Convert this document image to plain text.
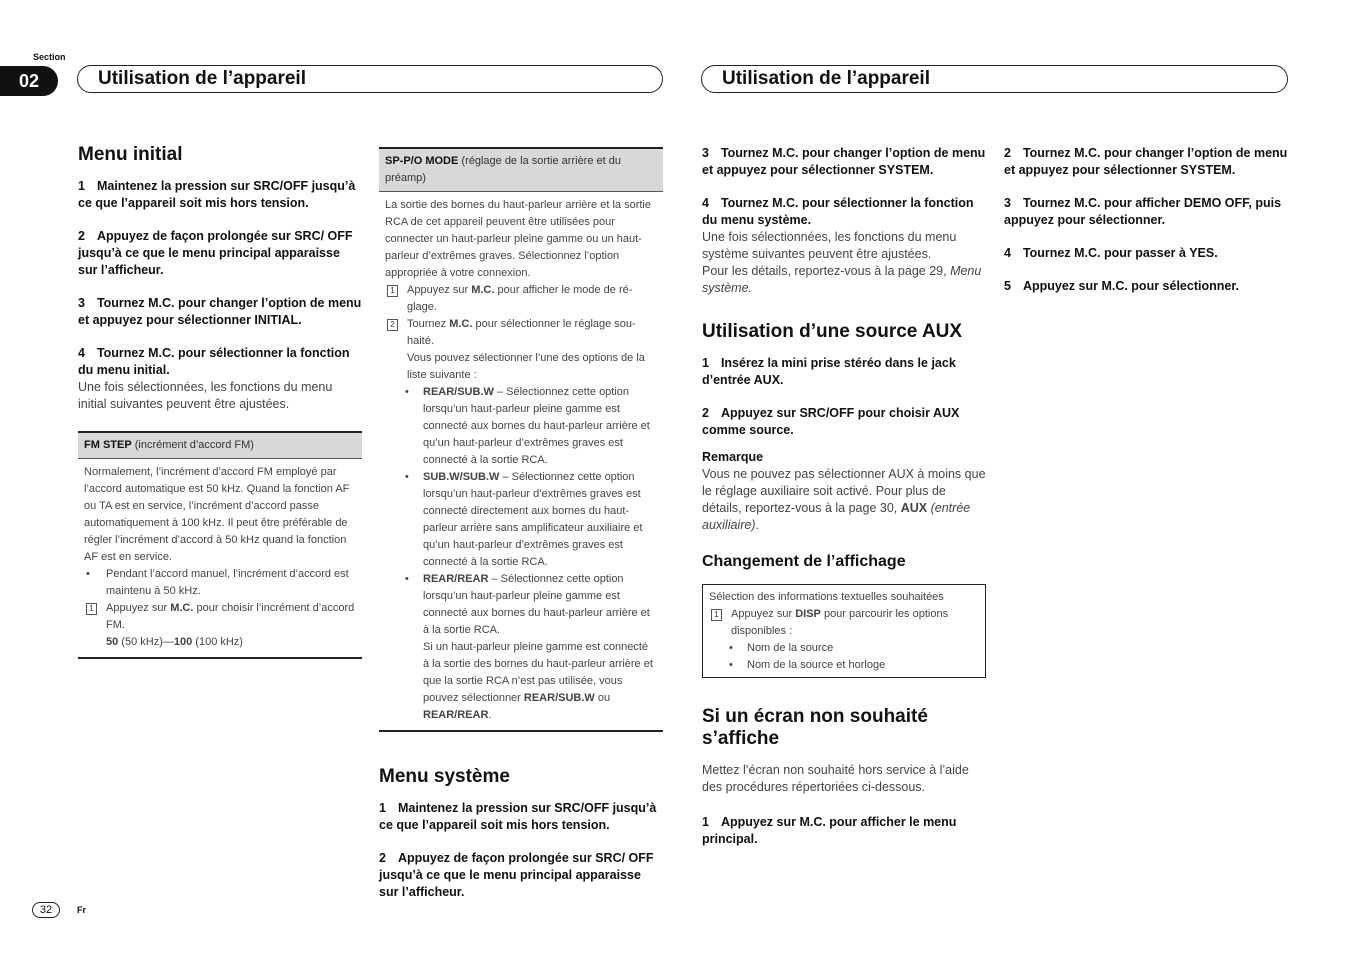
Section
02	Utilisation de l’appareil	Utilisation de l’appareil
Menu initial
1 Maintenez la pression sur SRC/OFF jusqu’à ce que l’appareil soit mis hors tension.
2 Appuyez de façon prolongée sur SRC/ OFF jusqu’à ce que le menu principal apparaisse sur l’afficheur.
3 Tournez M.C. pour changer l’option de menu et appuyez pour sélectionner INITIAL.
4 Tournez M.C. pour sélectionner la fonction du menu initial.
Une fois sélectionnées, les fonctions du menu initial suivantes peuvent être ajustées.
FM STEP (incrément d’accord FM)
Normalement, l’incrément d’accord FM employé par l’accord automatique est 50 kHz. Quand la fonction AF ou TA est en service, l’incrément d’accord passe automatiquement à 100 kHz. Il peut être préférable de régler l’incrément d’accord à 50 kHz quand la fonction AF est en service.
•	Pendant l’accord manuel, l’incrément d’accord est maintenu à 50 kHz.
1	Appuyez sur M.C. pour choisir l’incrément d’accord FM.
50 (50 kHz)—100 (100 kHz)
SP-P/O MODE (réglage de la sortie arrière et du préamp)
La sortie des bornes du haut-parleur arrière et la sortie RCA de cet appareil peuvent être utilisées pour connecter un haut-parleur pleine gamme ou un haut-parleur d’extrêmes graves. Sélectionnez l’option appropriée à votre connexion.
1	Appuyez sur M.C. pour afficher le mode de réglage.
2	Tournez M.C. pour sélectionner le réglage souhaité.
Vous pouvez sélectionner l’une des options de la liste suivante :
•	REAR/SUB.W – Sélectionnez cette option lorsqu’un haut-parleur pleine gamme est connecté aux bornes du haut-parleur arrière et qu’un haut-parleur d’extrêmes graves est connecté à la sortie RCA.
•	SUB.W/SUB.W – Sélectionnez cette option lorsqu’un haut-parleur d’extrêmes graves est connecté directement aux bornes du haut-parleur arrière sans amplificateur auxiliaire et qu’un haut-parleur d’extrêmes graves est connecté à la sortie RCA.
•	REAR/REAR – Sélectionnez cette option lorsqu’un haut-parleur pleine gamme est connecté aux bornes du haut-parleur arrière et à la sortie RCA.
Si un haut-parleur pleine gamme est connecté à la sortie des bornes du haut-parleur arrière et que la sortie RCA n’est pas utilisée, vous pouvez sélectionner REAR/SUB.W ou REAR/REAR.
Menu système
1 Maintenez la pression sur SRC/OFF jusqu’à ce que l’appareil soit mis hors tension.
2 Appuyez de façon prolongée sur SRC/ OFF jusqu’à ce que le menu principal apparaisse sur l’afficheur.
3 Tournez M.C. pour changer l’option de menu et appuyez pour sélectionner SYSTEM.
4 Tournez M.C. pour sélectionner la fonction du menu système.
Une fois sélectionnées, les fonctions du menu système suivantes peuvent être ajustées.
Pour les détails, reportez-vous à la page 29, Menu système.
Utilisation d’une source AUX
1 Insérez la mini prise stéréo dans le jack d’entrée AUX.
2 Appuyez sur SRC/OFF pour choisir AUX comme source.
Remarque
Vous ne pouvez pas sélectionner AUX à moins que le réglage auxiliaire soit activé. Pour plus de détails, reportez-vous à la page 30, AUX (entrée auxiliaire).
Changement de l’affichage
Sélection des informations textuelles souhaitées
1	Appuyez sur DISP pour parcourir les options disponibles :
•	Nom de la source
•	Nom de la source et horloge
Si un écran non souhaité s’affiche
Mettez l’écran non souhaité hors service à l’aide des procédures répertoriées ci-dessous.
1 Appuyez sur M.C. pour afficher le menu principal.
2 Tournez M.C. pour changer l’option de menu et appuyez pour sélectionner SYSTEM.
3 Tournez M.C. pour afficher DEMO OFF, puis appuyez pour sélectionner.
4 Tournez M.C. pour passer à YES.
5 Appuyez sur M.C. pour sélectionner.
32	Fr
